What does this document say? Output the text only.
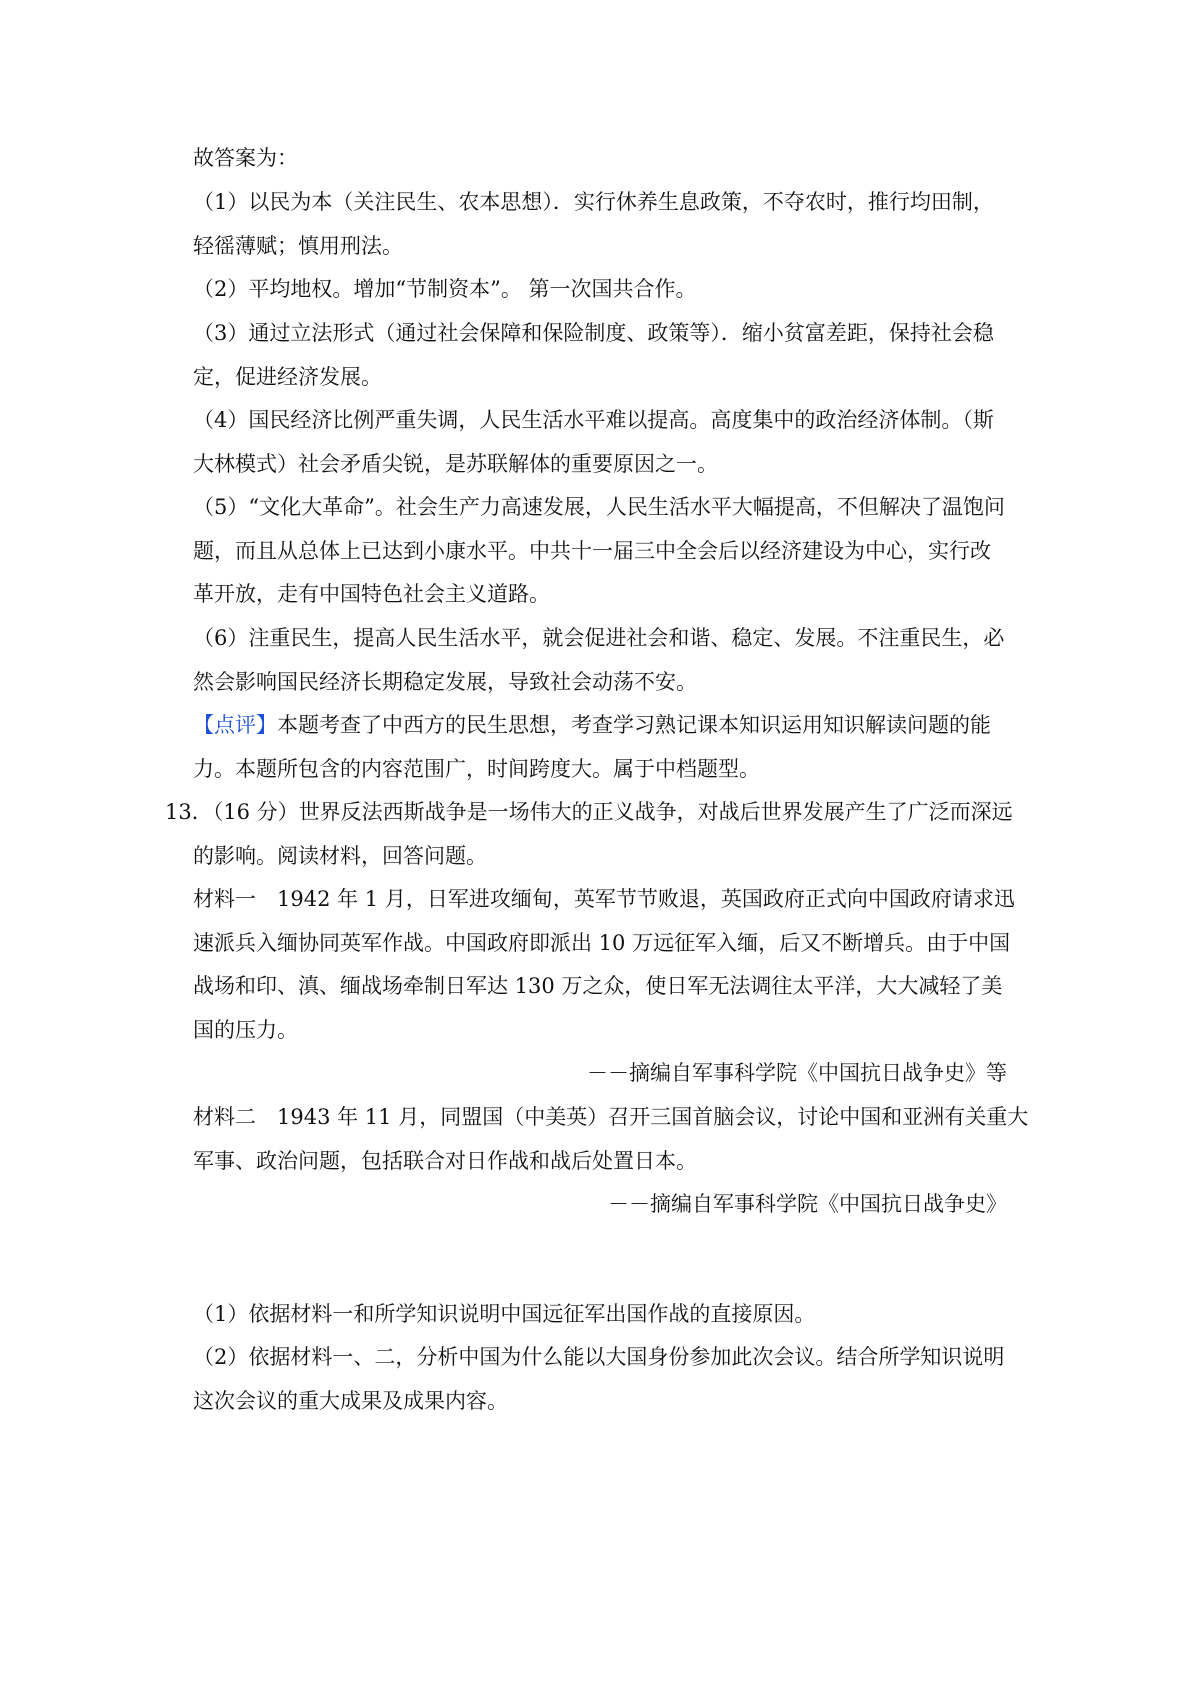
故答案为：
（1）以民为本（关注民生、农本思想）．实行休养生息政策，不夺农时，推行均田制，
轻徭薄赋；慎用刑法。
（2）平均地权。增加“节制资本”。 第一次国共合作。
（3）通过立法形式（通过社会保障和保险制度、政策等）．缩小贫富差距，保持社会稳
定，促进经济发展。
（4）国民经济比例严重失调，人民生活水平难以提高。高度集中的政治经济体制。（斯
大林模式）社会矛盾尖锐，是苏联解体的重要原因之一。
（5）“文化大革命”。社会生产力高速发展，人民生活水平大幅提高，不但解决了温饱问
题，而且从总体上已达到小康水平。中共十一届三中全会后以经济建设为中心，实行改
革开放，走有中国特色社会主义道路。
（6）注重民生，提高人民生活水平，就会促进社会和谐、稳定、发展。不注重民生，必
然会影响国民经济长期稳定发展，导致社会动荡不安。
【点评】本题考查了中西方的民生思想，考查学习熟记课本知识运用知识解读问题的能
力。本题所包含的内容范围广，时间跨度大。属于中档题型。
13．（16 分）世界反法西斯战争是一场伟大的正义战争，对战后世界发展产生了广泛而深远
的影响。阅读材料，回答问题。
材料一　1942 年 1 月，日军进攻缅甸，英军节节败退，英国政府正式向中国政府请求迅
速派兵入缅协同英军作战。中国政府即派出 10 万远征军入缅，后又不断增兵。由于中国
战场和印、滇、缅战场牵制日军达 130 万之众，使日军无法调往太平洋，大大减轻了美
国的压力。
－－摘编自军事科学院《中国抗日战争史》等
材料二　1943 年 11 月，同盟国（中美英）召开三国首脑会议，讨论中国和亚洲有关重大
军事、政治问题，包括联合对日作战和战后处置日本。
－－摘编自军事科学院《中国抗日战争史》
（1）依据材料一和所学知识说明中国远征军出国作战的直接原因。
（2）依据材料一、二，分析中国为什么能以大国身份参加此次会议。结合所学知识说明
这次会议的重大成果及成果内容。
